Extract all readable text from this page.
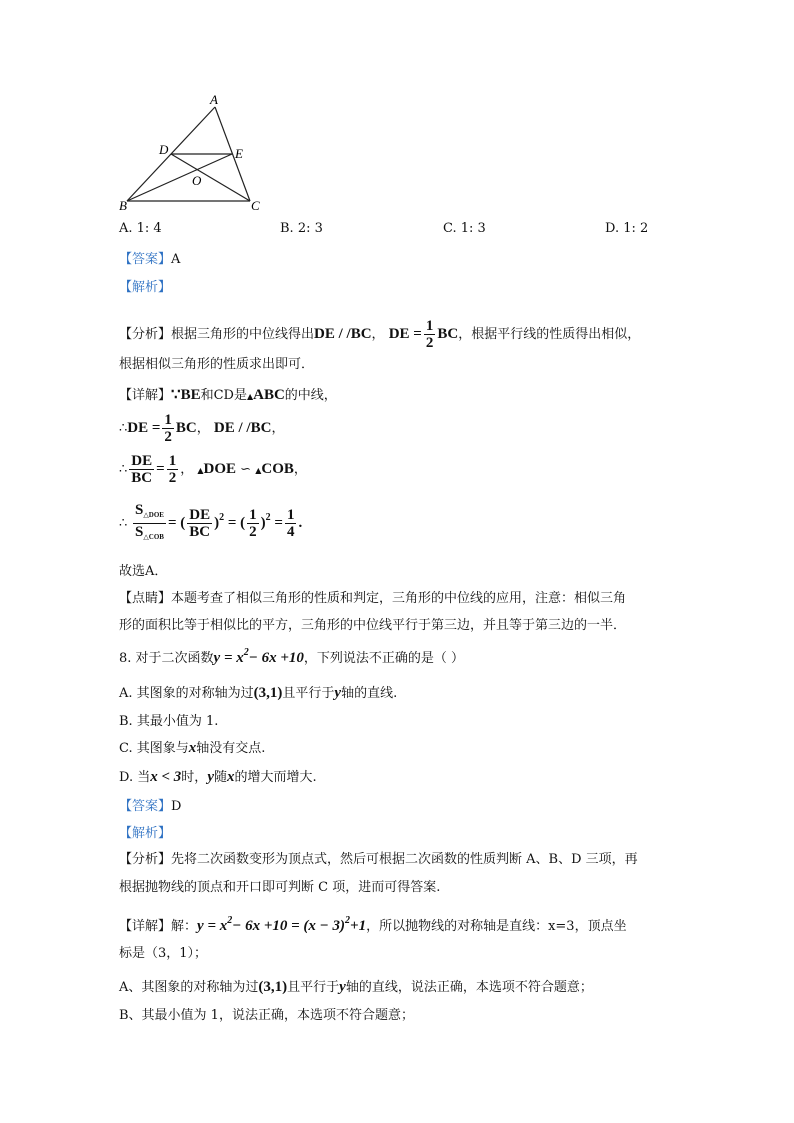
A
D	E
O
B	C
A. 1: 4	B. 2: 3	C. 1: 3	D. 1: 2
【答案】A
【解析】
【分析】根据三角形的中位线得出DE / /BC， DE = $\frac{1}{2}$ BC，根据平行线的性质得出相似，
根据相似三角形的性质求出即可．
【详解】∵BE和CD是▲ABC的中线，
∴DE = $\frac{1}{2}$ BC， DE / /BC，
∴ $\frac{DE}{BC} = \frac{1}{2}$ ， ▲DOE ∽ ▲COB，
∴ $\frac{S_{\triangle DOE}}{S_{\triangle COB}}$ = ( $\frac{DE}{BC} )^2$ = ( $\frac{1}{2} )^2 = \frac{1}{4}$ .
故选A．
【点睛】本题考查了相似三角形的性质和判定，三角形的中位线的应用，注意：相似三角
形的面积比等于相似比的平方，三角形的中位线平行于第三边，并且等于第三边的一半．
8. 对于二次函数$y = x^2- 6x +10$，下列说法不正确的是（ ）
A. 其图象的对称轴为过(3,1)且平行于y轴的直线.
B. 其最小值为 1.
C. 其图象与x轴没有交点.
D. 当x < 3时，y随x的增大而增大.
【答案】D
【解析】
【分析】先将二次函数变形为顶点式，然后可根据二次函数的性质判断 A、B、D 三项，再
根据抛物线的顶点和开口即可判断 C 项，进而可得答案.
【详解】解：$y = x^2- 6x +10 = (x - 3)^2+1$，所以抛物线的对称轴是直线：x=3，顶点坐
标是（3，1）；
A、其图象的对称轴为过(3,1)且平行于y轴的直线，说法正确，本选项不符合题意；
B、其最小值为 1，说法正确，本选项不符合题意；
